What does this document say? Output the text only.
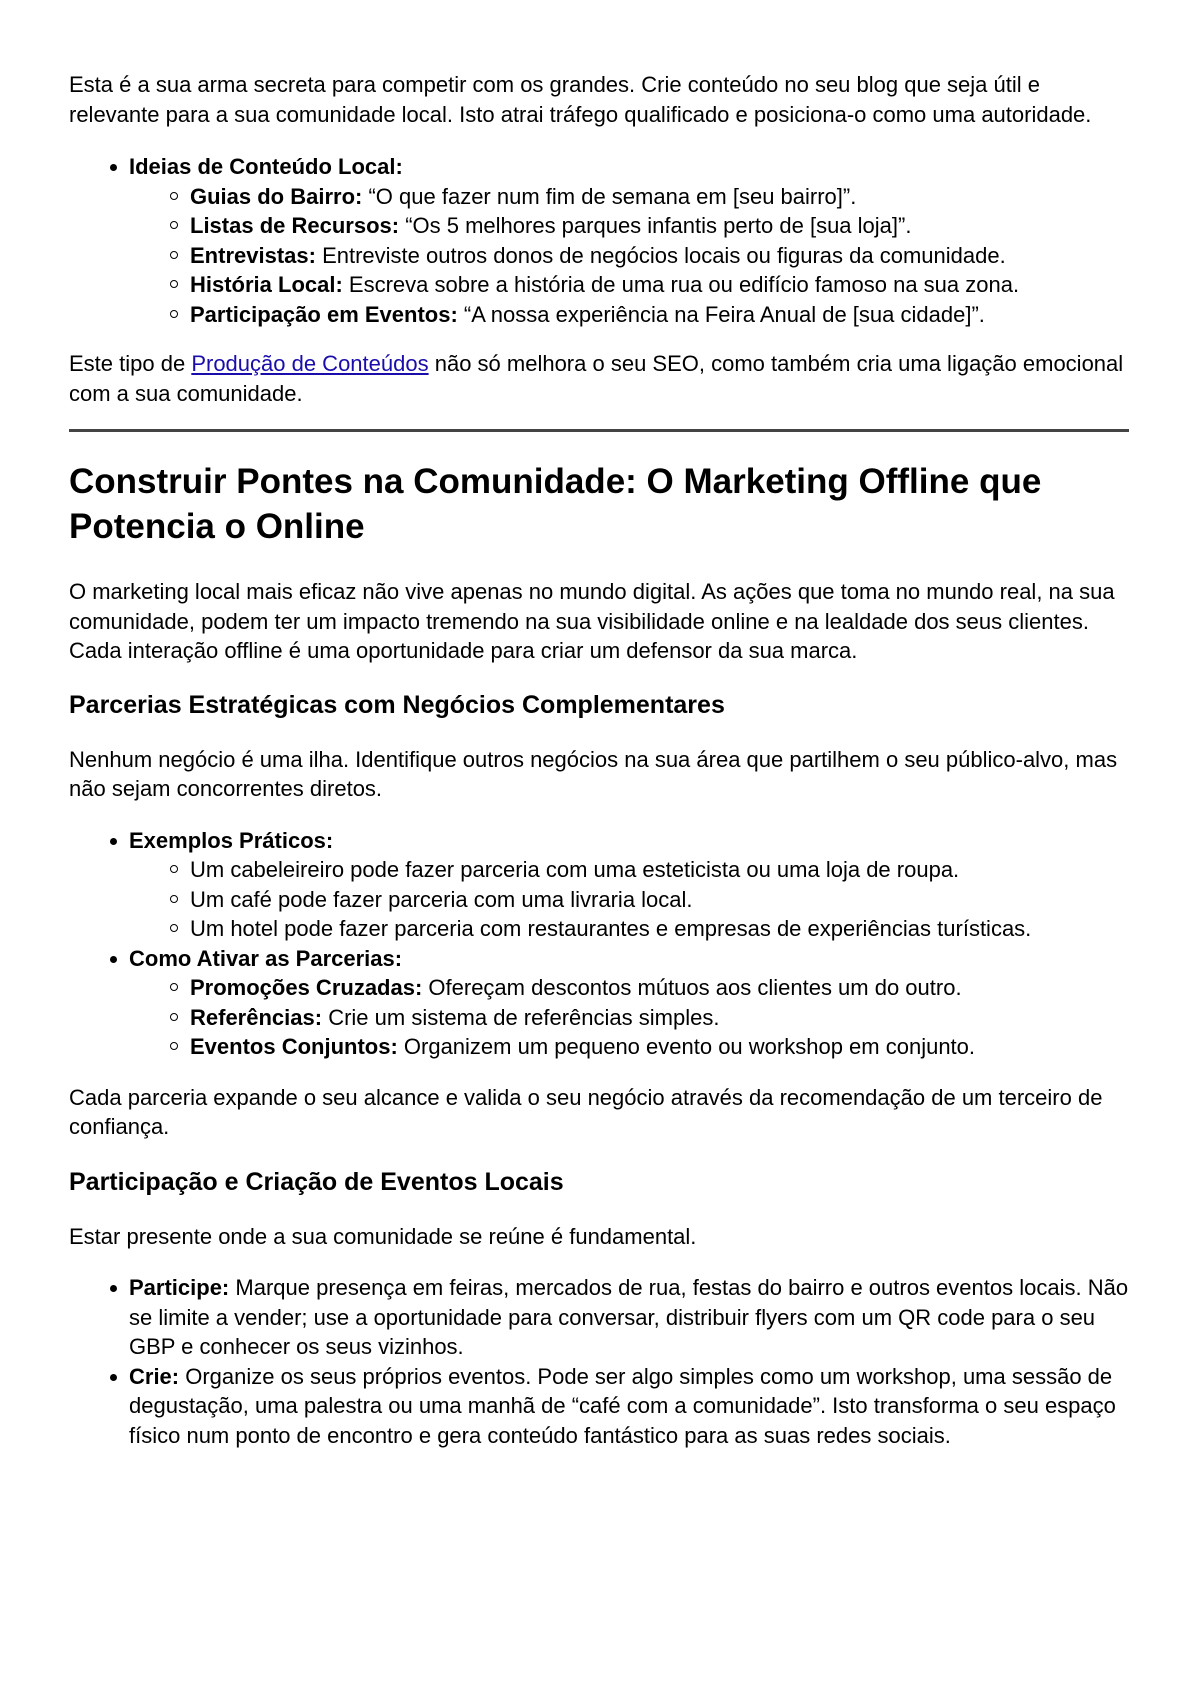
Esta é a sua arma secreta para competir com os grandes. Crie conteúdo no seu blog que seja útil e relevante para a sua comunidade local. Isto atrai tráfego qualificado e posiciona-o como uma autoridade.

Ideias de Conteúdo Local:
Guias do Bairro: “O que fazer num fim de semana em [seu bairro]”.
Listas de Recursos: “Os 5 melhores parques infantis perto de [sua loja]”.
Entrevistas: Entreviste outros donos de negócios locais ou figuras da comunidade.
História Local: Escreva sobre a história de uma rua ou edifício famoso na sua zona.
Participação em Eventos: “A nossa experiência na Feira Anual de [sua cidade]”.

Este tipo de Produção de Conteúdos não só melhora o seu SEO, como também cria uma ligação emocional com a sua comunidade.

Construir Pontes na Comunidade: O Marketing Offline que Potencia o Online

O marketing local mais eficaz não vive apenas no mundo digital. As ações que toma no mundo real, na sua comunidade, podem ter um impacto tremendo na sua visibilidade online e na lealdade dos seus clientes. Cada interação offline é uma oportunidade para criar um defensor da sua marca.

Parcerias Estratégicas com Negócios Complementares

Nenhum negócio é uma ilha. Identifique outros negócios na sua área que partilhem o seu público-alvo, mas não sejam concorrentes diretos.

Exemplos Práticos:
Um cabeleireiro pode fazer parceria com uma esteticista ou uma loja de roupa.
Um café pode fazer parceria com uma livraria local.
Um hotel pode fazer parceria com restaurantes e empresas de experiências turísticas.
Como Ativar as Parcerias:
Promoções Cruzadas: Ofereçam descontos mútuos aos clientes um do outro.
Referências: Crie um sistema de referências simples.
Eventos Conjuntos: Organizem um pequeno evento ou workshop em conjunto.

Cada parceria expande o seu alcance e valida o seu negócio através da recomendação de um terceiro de confiança.

Participação e Criação de Eventos Locais

Estar presente onde a sua comunidade se reúne é fundamental.

Participe: Marque presença em feiras, mercados de rua, festas do bairro e outros eventos locais. Não se limite a vender; use a oportunidade para conversar, distribuir flyers com um QR code para o seu GBP e conhecer os seus vizinhos.
Crie: Organize os seus próprios eventos. Pode ser algo simples como um workshop, uma sessão de degustação, uma palestra ou uma manhã de “café com a comunidade”. Isto transforma o seu espaço físico num ponto de encontro e gera conteúdo fantástico para as suas redes sociais.
